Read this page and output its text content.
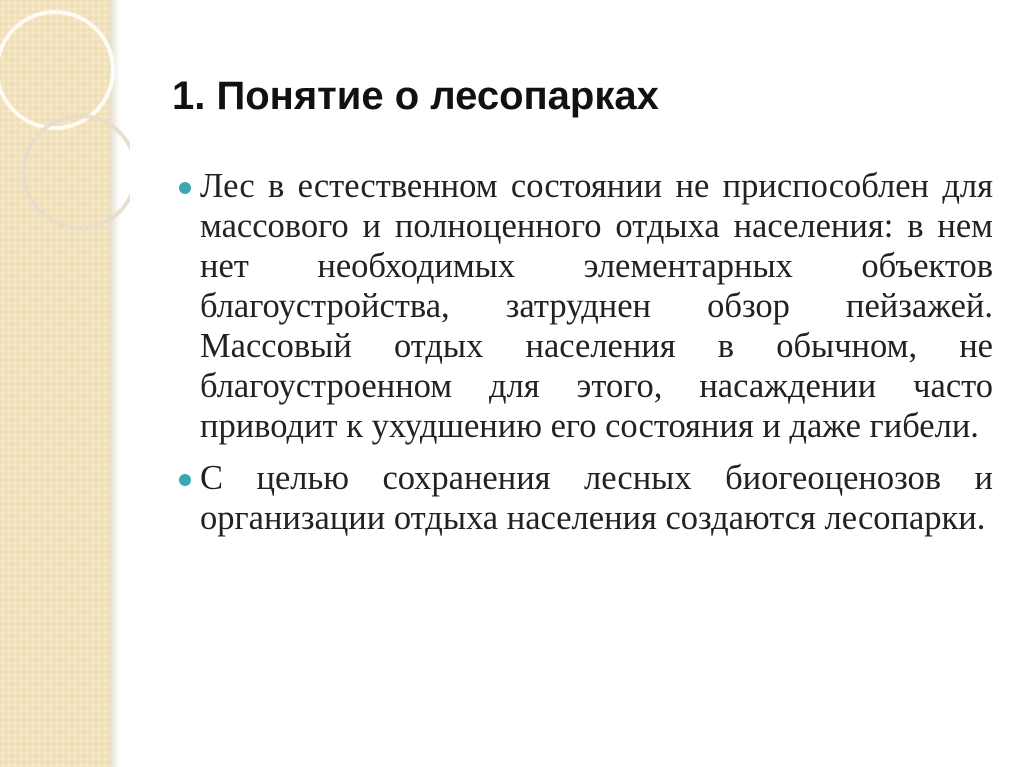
1. Понятие о лесопарках
Лес в естественном состоянии не приспособлен для массового и полноценного отдыха населения: в нем нет необходимых элементарных объектов благоустройства, затруднен обзор пейзажей. Массовый отдых населения в обычном, не благоустроенном для этого, насаждении часто приводит к ухудшению его состояния и даже гибели.
С целью сохранения лесных биогеоценозов и организации отдыха населения создаются лесопарки.
